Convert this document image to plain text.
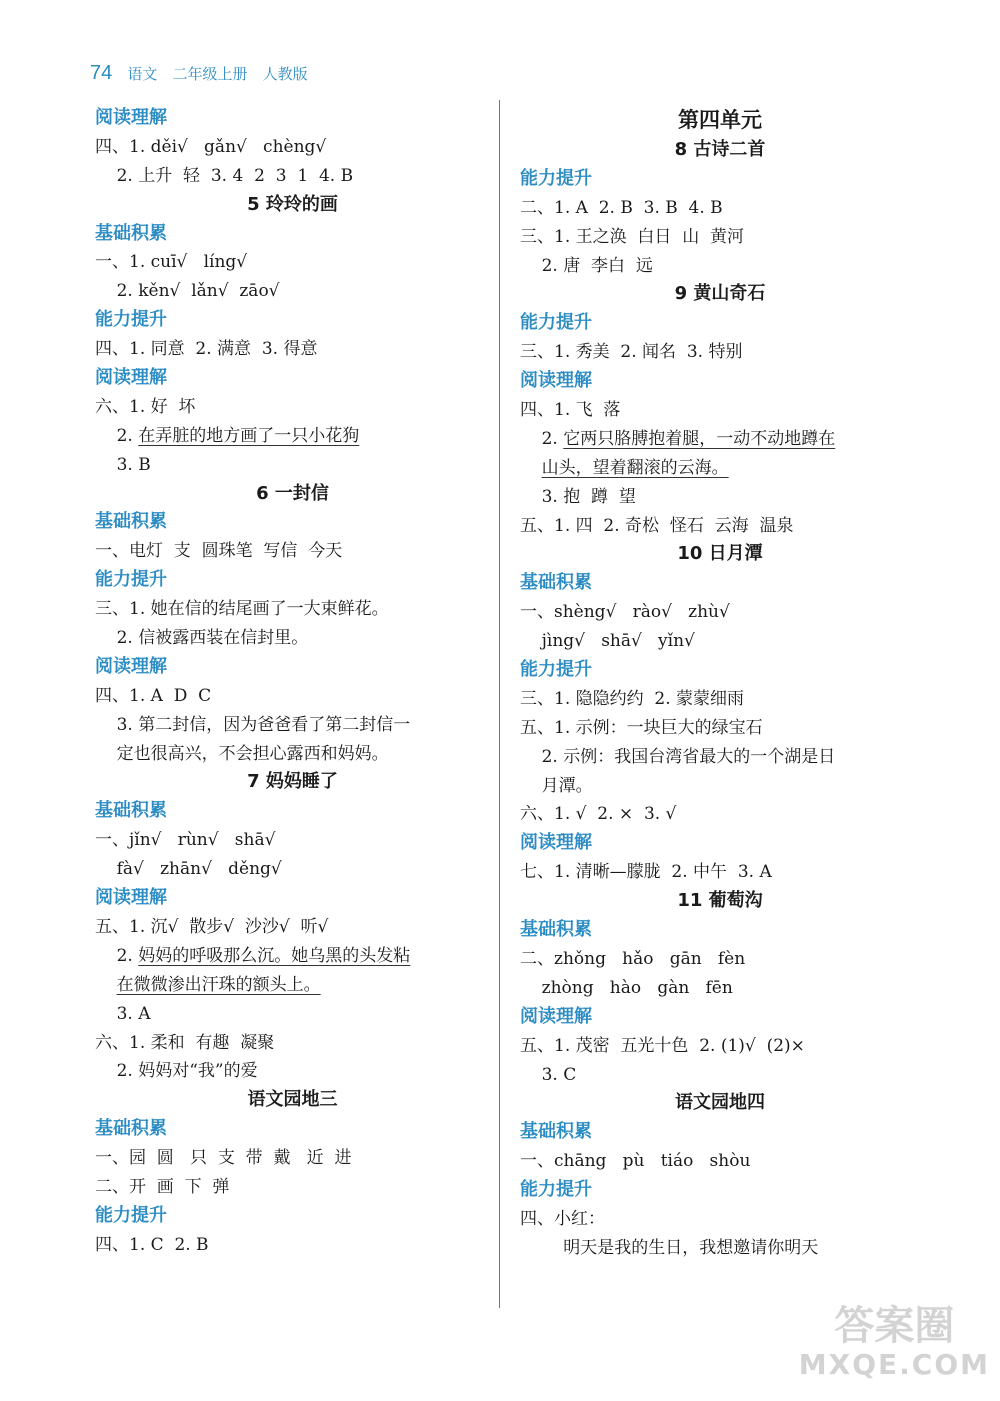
74 语文 二年级上册 人教版
阅读理解
四、1. děi√   gǎn√   chèng√
2. 上升  轻  3. 4  2  3  1  4. B
5 玲玲的画
基础积累
一、1. cuī√   líng√
2. kěn√  lǎn√  zāo√
能力提升
四、1. 同意  2. 满意  3. 得意
阅读理解
六、1. 好  坏
2. 在弄脏的地方画了一只小花狗
3. B
6 一封信
基础积累
一、电灯  支  圆珠笔  写信  今天
能力提升
三、1. 她在信的结尾画了一大束鲜花。
2. 信被露西装在信封里。
阅读理解
四、1. A  D  C
3. 第二封信，因为爸爸看了第二封信一
定也很高兴，不会担心露西和妈妈。
7 妈妈睡了
基础积累
一、jǐn√   rùn√   shā√
fà√   zhān√   děng√
阅读理解
五、1. 沉√  散步√  沙沙√  听√
2. 妈妈的呼吸那么沉。她乌黑的头发粘
在微微渗出汗珠的额头上。
3. A
六、1. 柔和  有趣  凝聚
2. 妈妈对“我”的爱
语文园地三
基础积累
一、园  圆   只  支  带  戴   近  进
二、开  画  下  弹
能力提升
四、1. C  2. B
第四单元
8 古诗二首
能力提升
二、1. A  2. B  3. B  4. B
三、1. 王之涣  白日  山  黄河
2. 唐  李白  远
9 黄山奇石
能力提升
三、1. 秀美  2. 闻名  3. 特别
阅读理解
四、1. 飞  落
2. 它两只胳膊抱着腿，一动不动地蹲在
山头，望着翻滚的云海。
3. 抱  蹲  望
五、1. 四  2. 奇松  怪石  云海  温泉
10 日月潭
基础积累
一、shèng√   rào√   zhù√
jìng√   shā√   yǐn√
能力提升
三、1. 隐隐约约  2. 蒙蒙细雨
五、1. 示例：一块巨大的绿宝石
2. 示例：我国台湾省最大的一个湖是日
月潭。
六、1. √  2. ×  3. √
阅读理解
七、1. 清晰—朦胧  2. 中午  3. A
11 葡萄沟
基础积累
二、zhǒng   hǎo   gān   fèn
zhòng   hào   gàn   fēn
阅读理解
五、1. 茂密  五光十色  2. (1)√  (2)×
3. C
语文园地四
基础积累
一、chāng   pù   tiáo   shòu
能力提升
四、小红：
明天是我的生日，我想邀请你明天
答案圈
MXQE.COM
